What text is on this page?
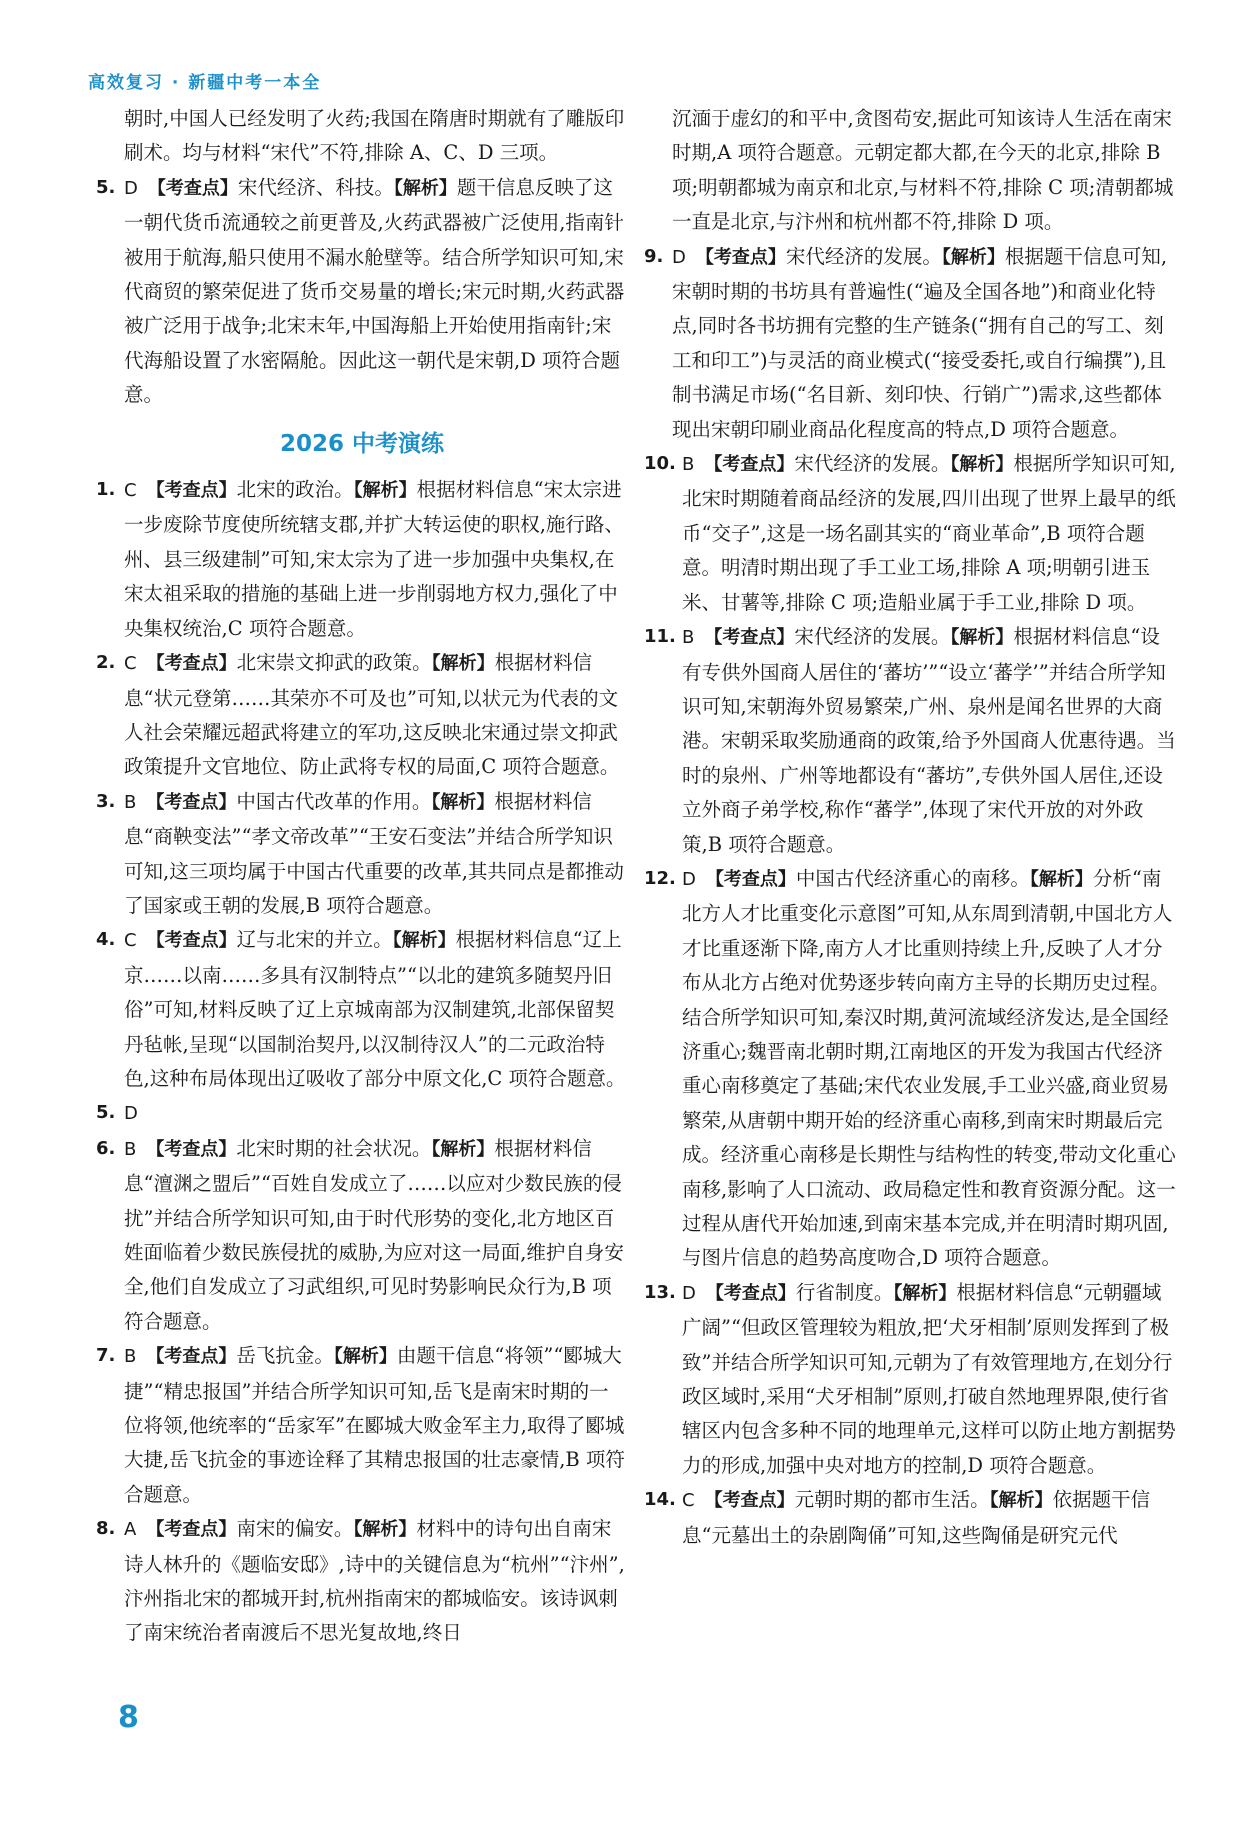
高效复习 · 新疆中考一本全

朝时,中国人已经发明了火药;我国在隋唐时期就有了雕版印刷术。均与材料“宋代”不符,排除 A、C、D 三项。

5. D 【考查点】宋代经济、科技。【解析】题干信息反映了这一朝代货币流通较之前更普及,火药武器被广泛使用,指南针被用于航海,船只使用不漏水舱壁等。结合所学知识可知,宋代商贸的繁荣促进了货币交易量的增长;宋元时期,火药武器被广泛用于战争;北宋末年,中国海船上开始使用指南针;宋代海船设置了水密隔舱。因此这一朝代是宋朝,D 项符合题意。
2026 中考演练
1. C 【考查点】北宋的政治。【解析】根据材料信息“宋太宗进一步废除节度使所统辖支郡,并扩大转运使的职权,施行路、州、县三级建制”可知,宋太宗为了进一步加强中央集权,在宋太祖采取的措施的基础上进一步削弱地方权力,强化了中央集权统治,C 项符合题意。
2. C 【考查点】北宋崇文抑武的政策。【解析】根据材料信息“状元登第……其荣亦不可及也”可知,以状元为代表的文人社会荣耀远超武将建立的军功,这反映北宋通过崇文抑武政策提升文官地位、防止武将专权的局面,C 项符合题意。
3. B 【考查点】中国古代改革的作用。【解析】根据材料信息“商鞅变法”“孝文帝改革”“王安石变法”并结合所学知识可知,这三项均属于中国古代重要的改革,其共同点是都推动了国家或王朝的发展,B 项符合题意。
4. C 【考查点】辽与北宋的并立。【解析】根据材料信息“辽上京……以南……多具有汉制特点”“以北的建筑多随契丹旧俗”可知,材料反映了辽上京城南部为汉制建筑,北部保留契丹毡帐,呈现“以国制治契丹,以汉制待汉人”的二元政治特色,这种布局体现出辽吸收了部分中原文化,C 项符合题意。
5. D
6. B 【考查点】北宋时期的社会状况。【解析】根据材料信息“澶渊之盟后”“百姓自发成立了……以应对少数民族的侵扰”并结合所学知识可知,由于时代形势的变化,北方地区百姓面临着少数民族侵扰的威胁,为应对这一局面,维护自身安全,他们自发成立了习武组织,可见时势影响民众行为,B 项符合题意。
7. B 【考查点】岳飞抗金。【解析】由题干信息“将领”“郾城大捷”“精忠报国”并结合所学知识可知,岳飞是南宋时期的一位将领,他统率的“岳家军”在郾城大败金军主力,取得了郾城大捷,岳飞抗金的事迹诠释了其精忠报国的壮志豪情,B 项符合题意。
8. A 【考查点】南宋的偏安。【解析】材料中的诗句出自南宋诗人林升的《题临安邸》,诗中的关键信息为“杭州”“汴州”,汴州指北宋的都城开封,杭州指南宋的都城临安。该诗讽刺了南宋统治者南渡后不思光复故地,终日

沉湎于虚幻的和平中,贪图苟安,据此可知该诗人生活在南宋时期,A 项符合题意。元朝定都大都,在今天的北京,排除 B 项;明朝都城为南京和北京,与材料不符,排除 C 项;清朝都城一直是北京,与汴州和杭州都不符,排除 D 项。

9. D 【考查点】宋代经济的发展。【解析】根据题干信息可知,宋朝时期的书坊具有普遍性(“遍及全国各地”)和商业化特点,同时各书坊拥有完整的生产链条(“拥有自己的写工、刻工和印工”)与灵活的商业模式(“接受委托,或自行编撰”),且制书满足市场(“名目新、刻印快、行销广”)需求,这些都体现出宋朝印刷业商品化程度高的特点,D 项符合题意。
10. B 【考查点】宋代经济的发展。【解析】根据所学知识可知,北宋时期随着商品经济的发展,四川出现了世界上最早的纸币“交子”,这是一场名副其实的“商业革命”,B 项符合题意。明清时期出现了手工业工场,排除 A 项;明朝引进玉米、甘薯等,排除 C 项;造船业属于手工业,排除 D 项。
11. B 【考查点】宋代经济的发展。【解析】根据材料信息“设有专供外国商人居住的‘蕃坊’”“设立‘蕃学’”并结合所学知识可知,宋朝海外贸易繁荣,广州、泉州是闻名世界的大商港。宋朝采取奖励通商的政策,给予外国商人优惠待遇。当时的泉州、广州等地都设有“蕃坊”,专供外国人居住,还设立外商子弟学校,称作“蕃学”,体现了宋代开放的对外政策,B 项符合题意。
12. D 【考查点】中国古代经济重心的南移。【解析】分析“南北方人才比重变化示意图”可知,从东周到清朝,中国北方人才比重逐渐下降,南方人才比重则持续上升,反映了人才分布从北方占绝对优势逐步转向南方主导的长期历史过程。结合所学知识可知,秦汉时期,黄河流域经济发达,是全国经济重心;魏晋南北朝时期,江南地区的开发为我国古代经济重心南移奠定了基础;宋代农业发展,手工业兴盛,商业贸易繁荣,从唐朝中期开始的经济重心南移,到南宋时期最后完成。经济重心南移是长期性与结构性的转变,带动文化重心南移,影响了人口流动、政局稳定性和教育资源分配。这一过程从唐代开始加速,到南宋基本完成,并在明清时期巩固,与图片信息的趋势高度吻合,D 项符合题意。
13. D 【考查点】行省制度。【解析】根据材料信息“元朝疆域广阔”“但政区管理较为粗放,把‘犬牙相制’原则发挥到了极致”并结合所学知识可知,元朝为了有效管理地方,在划分行政区域时,采用“犬牙相制”原则,打破自然地理界限,使行省辖区内包含多种不同的地理单元,这样可以防止地方割据势力的形成,加强中央对地方的控制,D 项符合题意。
14. C 【考查点】元朝时期的都市生活。【解析】依据题干信息“元墓出土的杂剧陶俑”可知,这些陶俑是研究元代
8
